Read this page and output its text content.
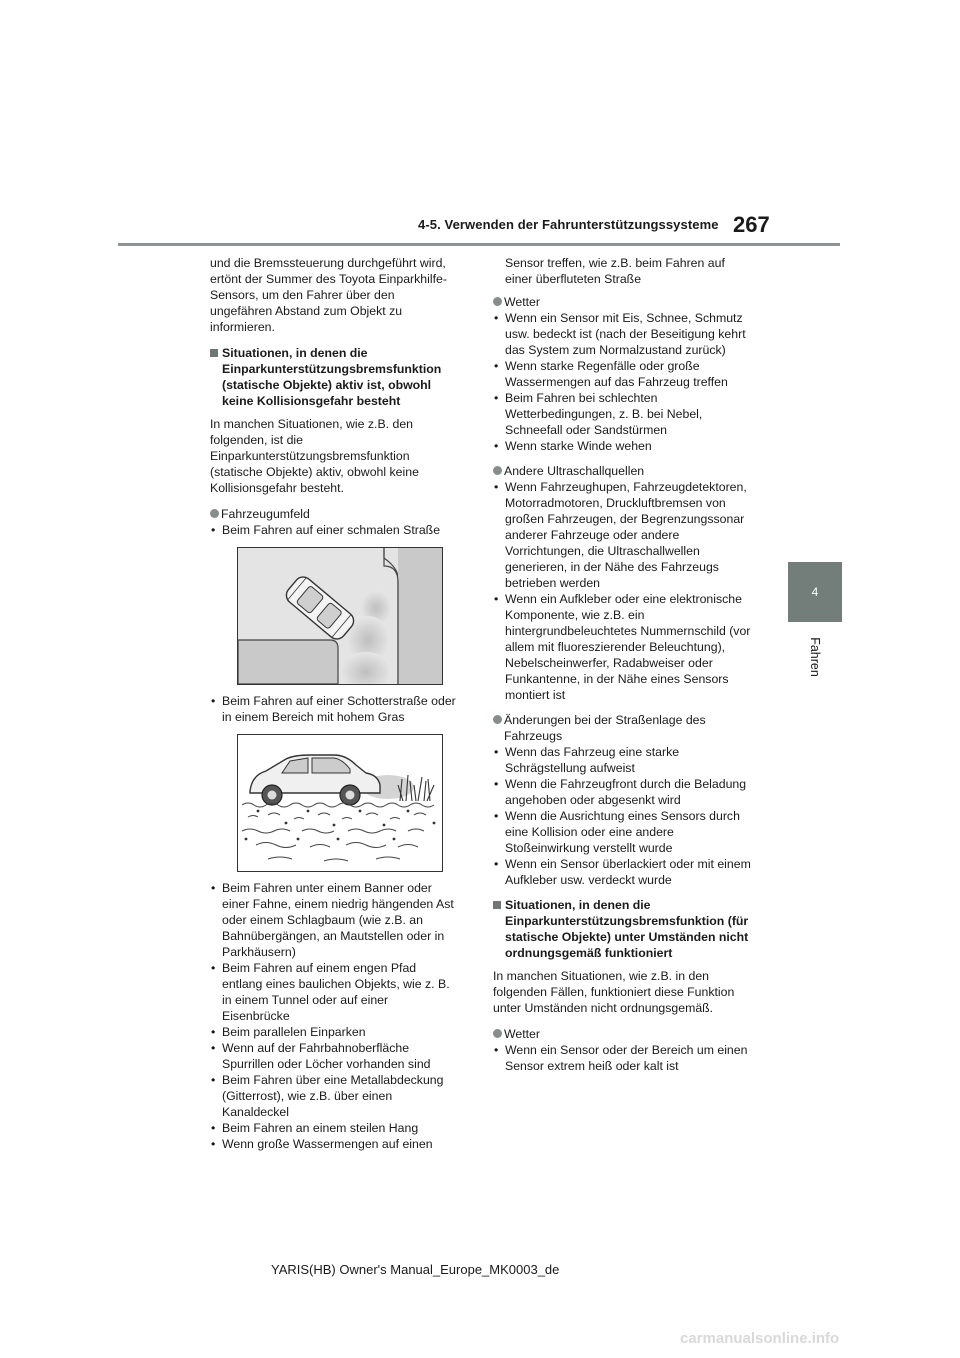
4-5. Verwenden der Fahrunterstützungssysteme 267
4
Fahren

und die Bremssteuerung durchgeführt wird, ertönt der Summer des Toyota Einparkhilfe-Sensors, um den Fahrer über den ungefähren Abstand zum Objekt zu informieren.

Situationen, in denen die Einparkunterstützungsbremsfunktion (statische Objekte) aktiv ist, obwohl keine Kollisionsgefahr besteht

In manchen Situationen, wie z.B. den folgenden, ist die Einparkunterstützungsbremsfunktion (statische Objekte) aktiv, obwohl keine Kollisionsgefahr besteht.

Fahrzeugumfeld
• Beim Fahren auf einer schmalen Straße
• Beim Fahren auf einer Schotterstraße oder in einem Bereich mit hohem Gras
• Beim Fahren unter einem Banner oder einer Fahne, einem niedrig hängenden Ast oder einem Schlagbaum (wie z.B. an Bahnübergängen, an Mautstellen oder in Parkhäusern)
• Beim Fahren auf einem engen Pfad entlang eines baulichen Objekts, wie z. B. in einem Tunnel oder auf einer Eisenbrücke
• Beim parallelen Einparken
• Wenn auf der Fahrbahnoberfläche Spurrillen oder Löcher vorhanden sind
• Beim Fahren über eine Metallabdeckung (Gitterrost), wie z.B. über einen Kanaldeckel
• Beim Fahren an einem steilen Hang
• Wenn große Wassermengen auf einen

Sensor treffen, wie z.B. beim Fahren auf einer überfluteten Straße

Wetter
• Wenn ein Sensor mit Eis, Schnee, Schmutz usw. bedeckt ist (nach der Beseitigung kehrt das System zum Normalzustand zurück)
• Wenn starke Regenfälle oder große Wassermengen auf das Fahrzeug treffen
• Beim Fahren bei schlechten Wetterbedingungen, z. B. bei Nebel, Schneefall oder Sandstürmen
• Wenn starke Winde wehen
Andere Ultraschallquellen
• Wenn Fahrzeughupen, Fahrzeugdetektoren, Motorradmotoren, Druckluftbremsen von großen Fahrzeugen, der Begrenzungssonar anderer Fahrzeuge oder andere Vorrichtungen, die Ultraschallwellen generieren, in der Nähe des Fahrzeugs betrieben werden
• Wenn ein Aufkleber oder eine elektronische Komponente, wie z.B. ein hintergrundbeleuchtetes Nummernschild (vor allem mit fluoreszierender Beleuchtung), Nebelscheinwerfer, Radabweiser oder Funkantenne, in der Nähe eines Sensors montiert ist
Änderungen bei der Straßenlage des Fahrzeugs
• Wenn das Fahrzeug eine starke Schrägstellung aufweist
• Wenn die Fahrzeugfront durch die Beladung angehoben oder abgesenkt wird
• Wenn die Ausrichtung eines Sensors durch eine Kollision oder eine andere Stoßeinwirkung verstellt wurde
• Wenn ein Sensor überlackiert oder mit einem Aufkleber usw. verdeckt wurde
Situationen, in denen die Einparkunterstützungsbremsfunktion (für statische Objekte) unter Umständen nicht ordnungsgemäß funktioniert

In manchen Situationen, wie z.B. in den folgenden Fällen, funktioniert diese Funktion unter Umständen nicht ordnungsgemäß.

Wetter
• Wenn ein Sensor oder der Bereich um einen Sensor extrem heiß oder kalt ist
YARIS(HB) Owner's Manual_Europe_MK0003_de
carmanualsonline.info
